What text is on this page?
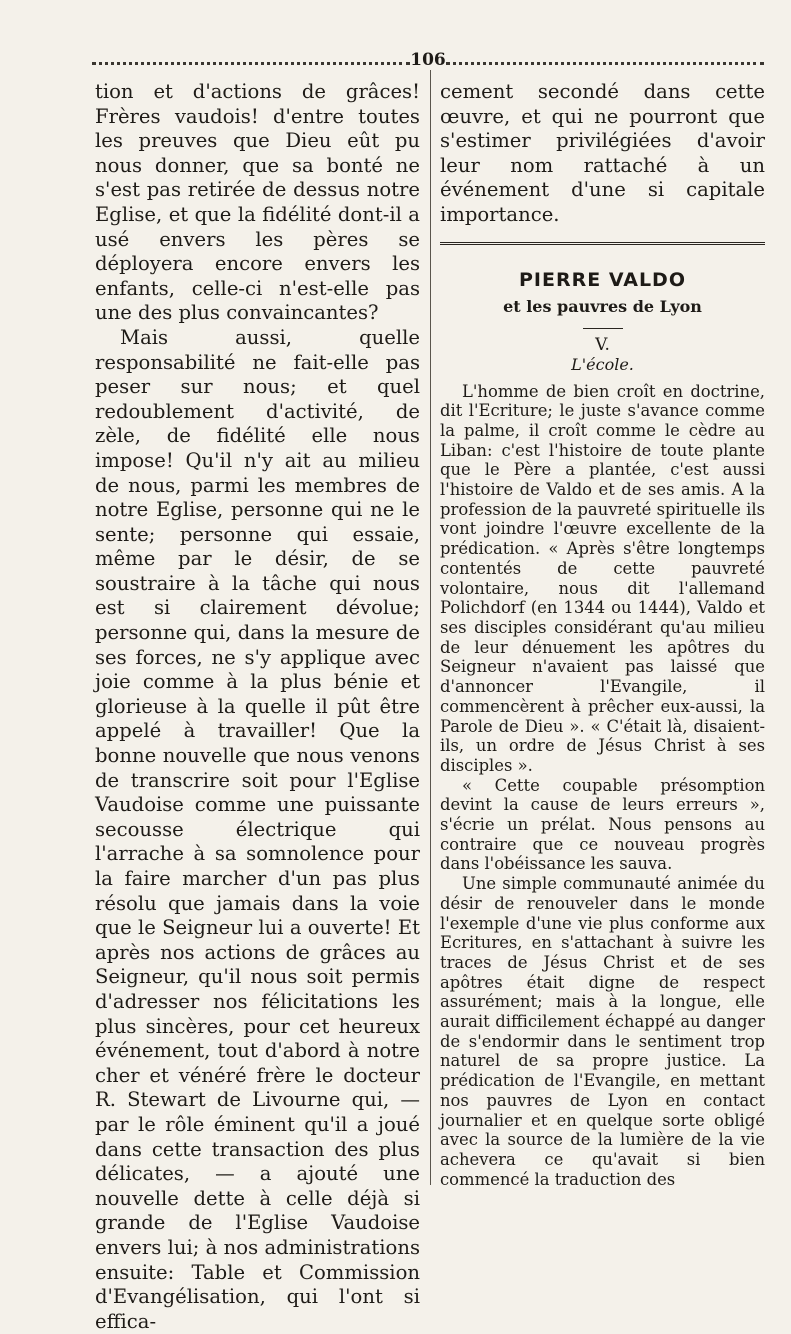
106

tion et d'actions de grâces! Frères vaudois! d'entre toutes les preuves que Dieu eût pu nous donner, que sa bonté ne s'est pas retirée de dessus notre Eglise, et que la fidélité dont-il a usé envers les pères se déployera encore envers les enfants, celle-ci n'est-elle pas une des plus convaincantes?

Mais aussi, quelle responsabilité ne fait-elle pas peser sur nous; et quel redoublement d'activité, de zèle, de fidélité elle nous impose! Qu'il n'y ait au milieu de nous, parmi les membres de notre Eglise, personne qui ne le sente; personne qui essaie, même par le désir, de se soustraire à la tâche qui nous est si clairement dévolue; personne qui, dans la mesure de ses forces, ne s'y applique avec joie comme à la plus bénie et glorieuse à la quelle il pût être appelé à travailler! Que la bonne nouvelle que nous venons de transcrire soit pour l'Eglise Vaudoise comme une puissante secousse électrique qui l'arrache à sa somnolence pour la faire marcher d'un pas plus résolu que jamais dans la voie que le Seigneur lui a ouverte! Et après nos actions de grâces au Seigneur, qu'il nous soit permis d'adresser nos félicitations les plus sincères, pour cet heureux événement, tout d'abord à notre cher et vénéré frère le docteur R. Stewart de Livourne qui, — par le rôle éminent qu'il a joué dans cette transaction des plus délicates, — a ajouté une nouvelle dette à celle déjà si grande de l'Eglise Vaudoise envers lui; à nos administrations ensuite: Table et Commission d'Evangélisation, qui l'ont si effica-

cement secondé dans cette œuvre, et qui ne pourront que s'estimer privilégiées d'avoir leur nom rattaché à un événement d'une si capitale importance.

PIERRE VALDO
et les pauvres de Lyon
V.
L'école.

L'homme de bien croît en doctrine, dit l'Ecriture; le juste s'avance comme la palme, il croît comme le cèdre au Liban: c'est l'histoire de toute plante que le Père a plantée, c'est aussi l'histoire de Valdo et de ses amis. A la profession de la pauvreté spirituelle ils vont joindre l'œuvre excellente de la prédication. « Après s'être longtemps contentés de cette pauvreté volontaire, nous dit l'allemand Polichdorf (en 1344 ou 1444), Valdo et ses disciples considérant qu'au milieu de leur dénuement les apôtres du Seigneur n'avaient pas laissé que d'annoncer l'Evangile, il commencèrent à prêcher eux-aussi, la Parole de Dieu ». « C'était là, disaient-ils, un ordre de Jésus Christ à ses disciples ».

« Cette coupable présomption devint la cause de leurs erreurs », s'écrie un prélat. Nous pensons au contraire que ce nouveau progrès dans l'obéissance les sauva.

Une simple communauté animée du désir de renouveler dans le monde l'exemple d'une vie plus conforme aux Ecritures, en s'attachant à suivre les traces de Jésus Christ et de ses apôtres était digne de respect assurément; mais à la longue, elle aurait difficilement échappé au danger de s'endormir dans le sentiment trop naturel de sa propre justice. La prédication de l'Evangile, en mettant nos pauvres de Lyon en contact journalier et en quelque sorte obligé avec la source de la lumière de la vie achevera ce qu'avait si bien commencé la traduction des
